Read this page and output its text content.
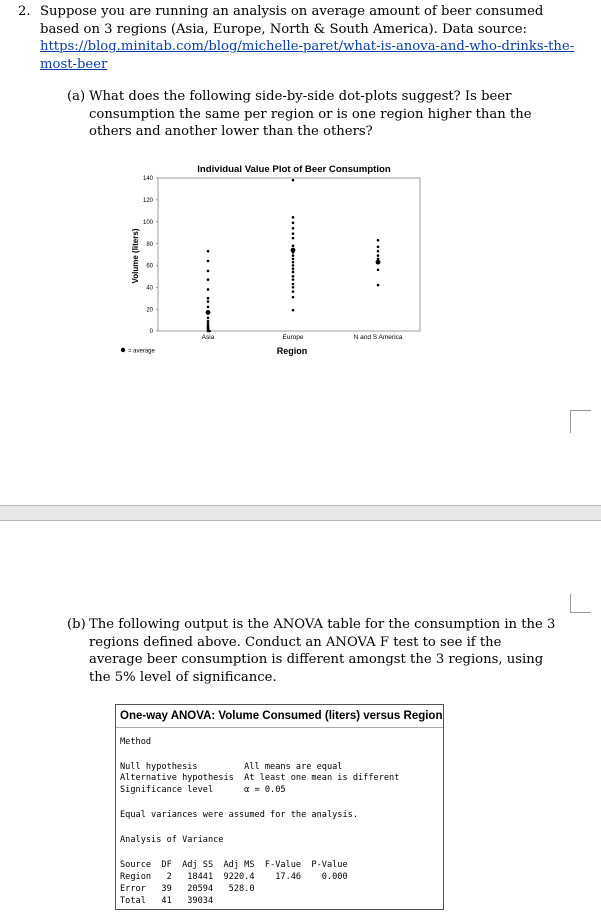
2. Suppose you are running an analysis on average amount of beer consumed based on 3 regions (Asia, Europe, North & South America). Data source: https://blog.minitab.com/blog/michelle-paret/what-is-anova-and-who-drinks-the-most-beer
(a) What does the following side-by-side dot-plots suggest? Is beer consumption the same per region or is one region higher than the others and another lower than the others?
Individual Value Plot of Beer Consumption
Volume (liters)
Region
= average
0
20
40
60
80
100
120
140
Asia	Europe	N and S America
(b) The following output is the ANOVA table for the consumption in the 3 regions defined above. Conduct an ANOVA F test to see if the average beer consumption is different amongst the 3 regions, using the 5% level of significance.
One-way ANOVA: Volume Consumed (liters) versus Region
Method
Null hypothesis         All means are equal
Alternative hypothesis  At least one mean is different
Significance level      α = 0.05
Equal variances were assumed for the analysis.
Analysis of Variance
Source  DF  Adj SS  Adj MS  F-Value  P-Value
Region   2   18441  9220.4    17.46    0.000
Error   39   20594   528.0
Total   41   39034
